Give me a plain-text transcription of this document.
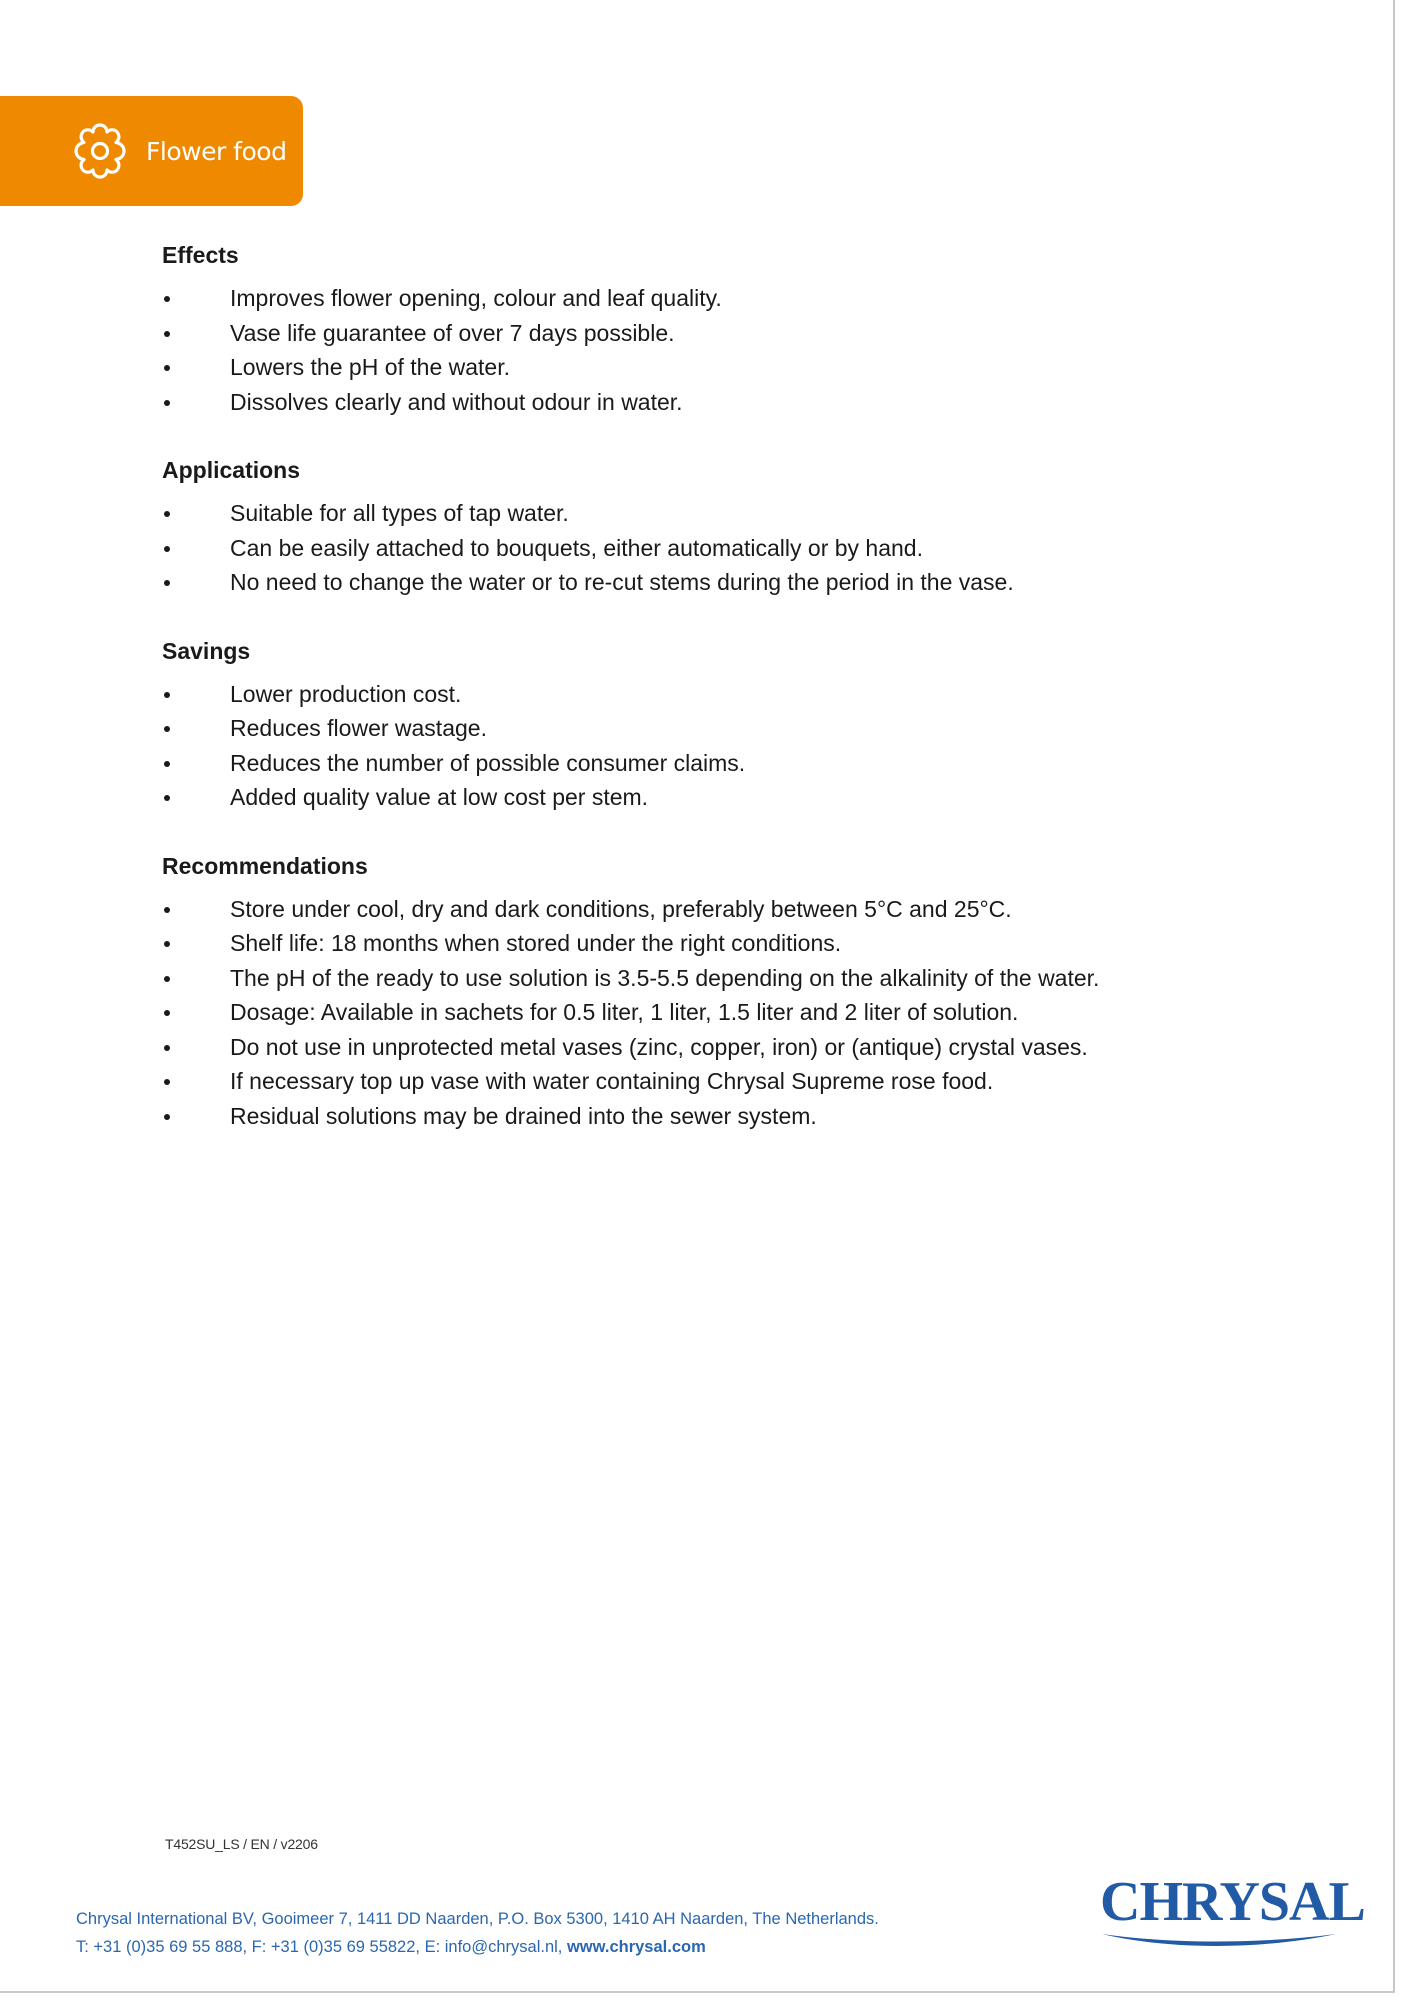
Flower food
Effects
Improves flower opening, colour and leaf quality.
Vase life guarantee of over 7 days possible.
Lowers the pH of the water.
Dissolves clearly and without odour in water.
Applications
Suitable for all types of tap water.
Can be easily attached to bouquets, either automatically or by hand.
No need to change the water or to re-cut stems during the period in the vase.
Savings
Lower production cost.
Reduces flower wastage.
Reduces the number of possible consumer claims.
Added quality value at low cost per stem.
Recommendations
Store under cool, dry and dark conditions, preferably between 5°C and 25°C.
Shelf life: 18 months when stored under the right conditions.
The pH of the ready to use solution is 3.5-5.5 depending on the alkalinity of the water.
Dosage: Available in sachets for 0.5 liter, 1 liter, 1.5 liter and 2 liter of solution.
Do not use in unprotected metal vases (zinc, copper, iron) or (antique) crystal vases.
If necessary top up vase with water containing Chrysal Supreme rose food.
Residual solutions may be drained into the sewer system.
T452SU_LS / EN / v2206
Chrysal International BV, Gooimeer 7, 1411 DD Naarden, P.O. Box 5300, 1410 AH Naarden, The Netherlands.
T: +31 (0)35 69 55 888, F: +31 (0)35 69 55822, E: info@chrysal.nl, www.chrysal.com
CHRYSAL
